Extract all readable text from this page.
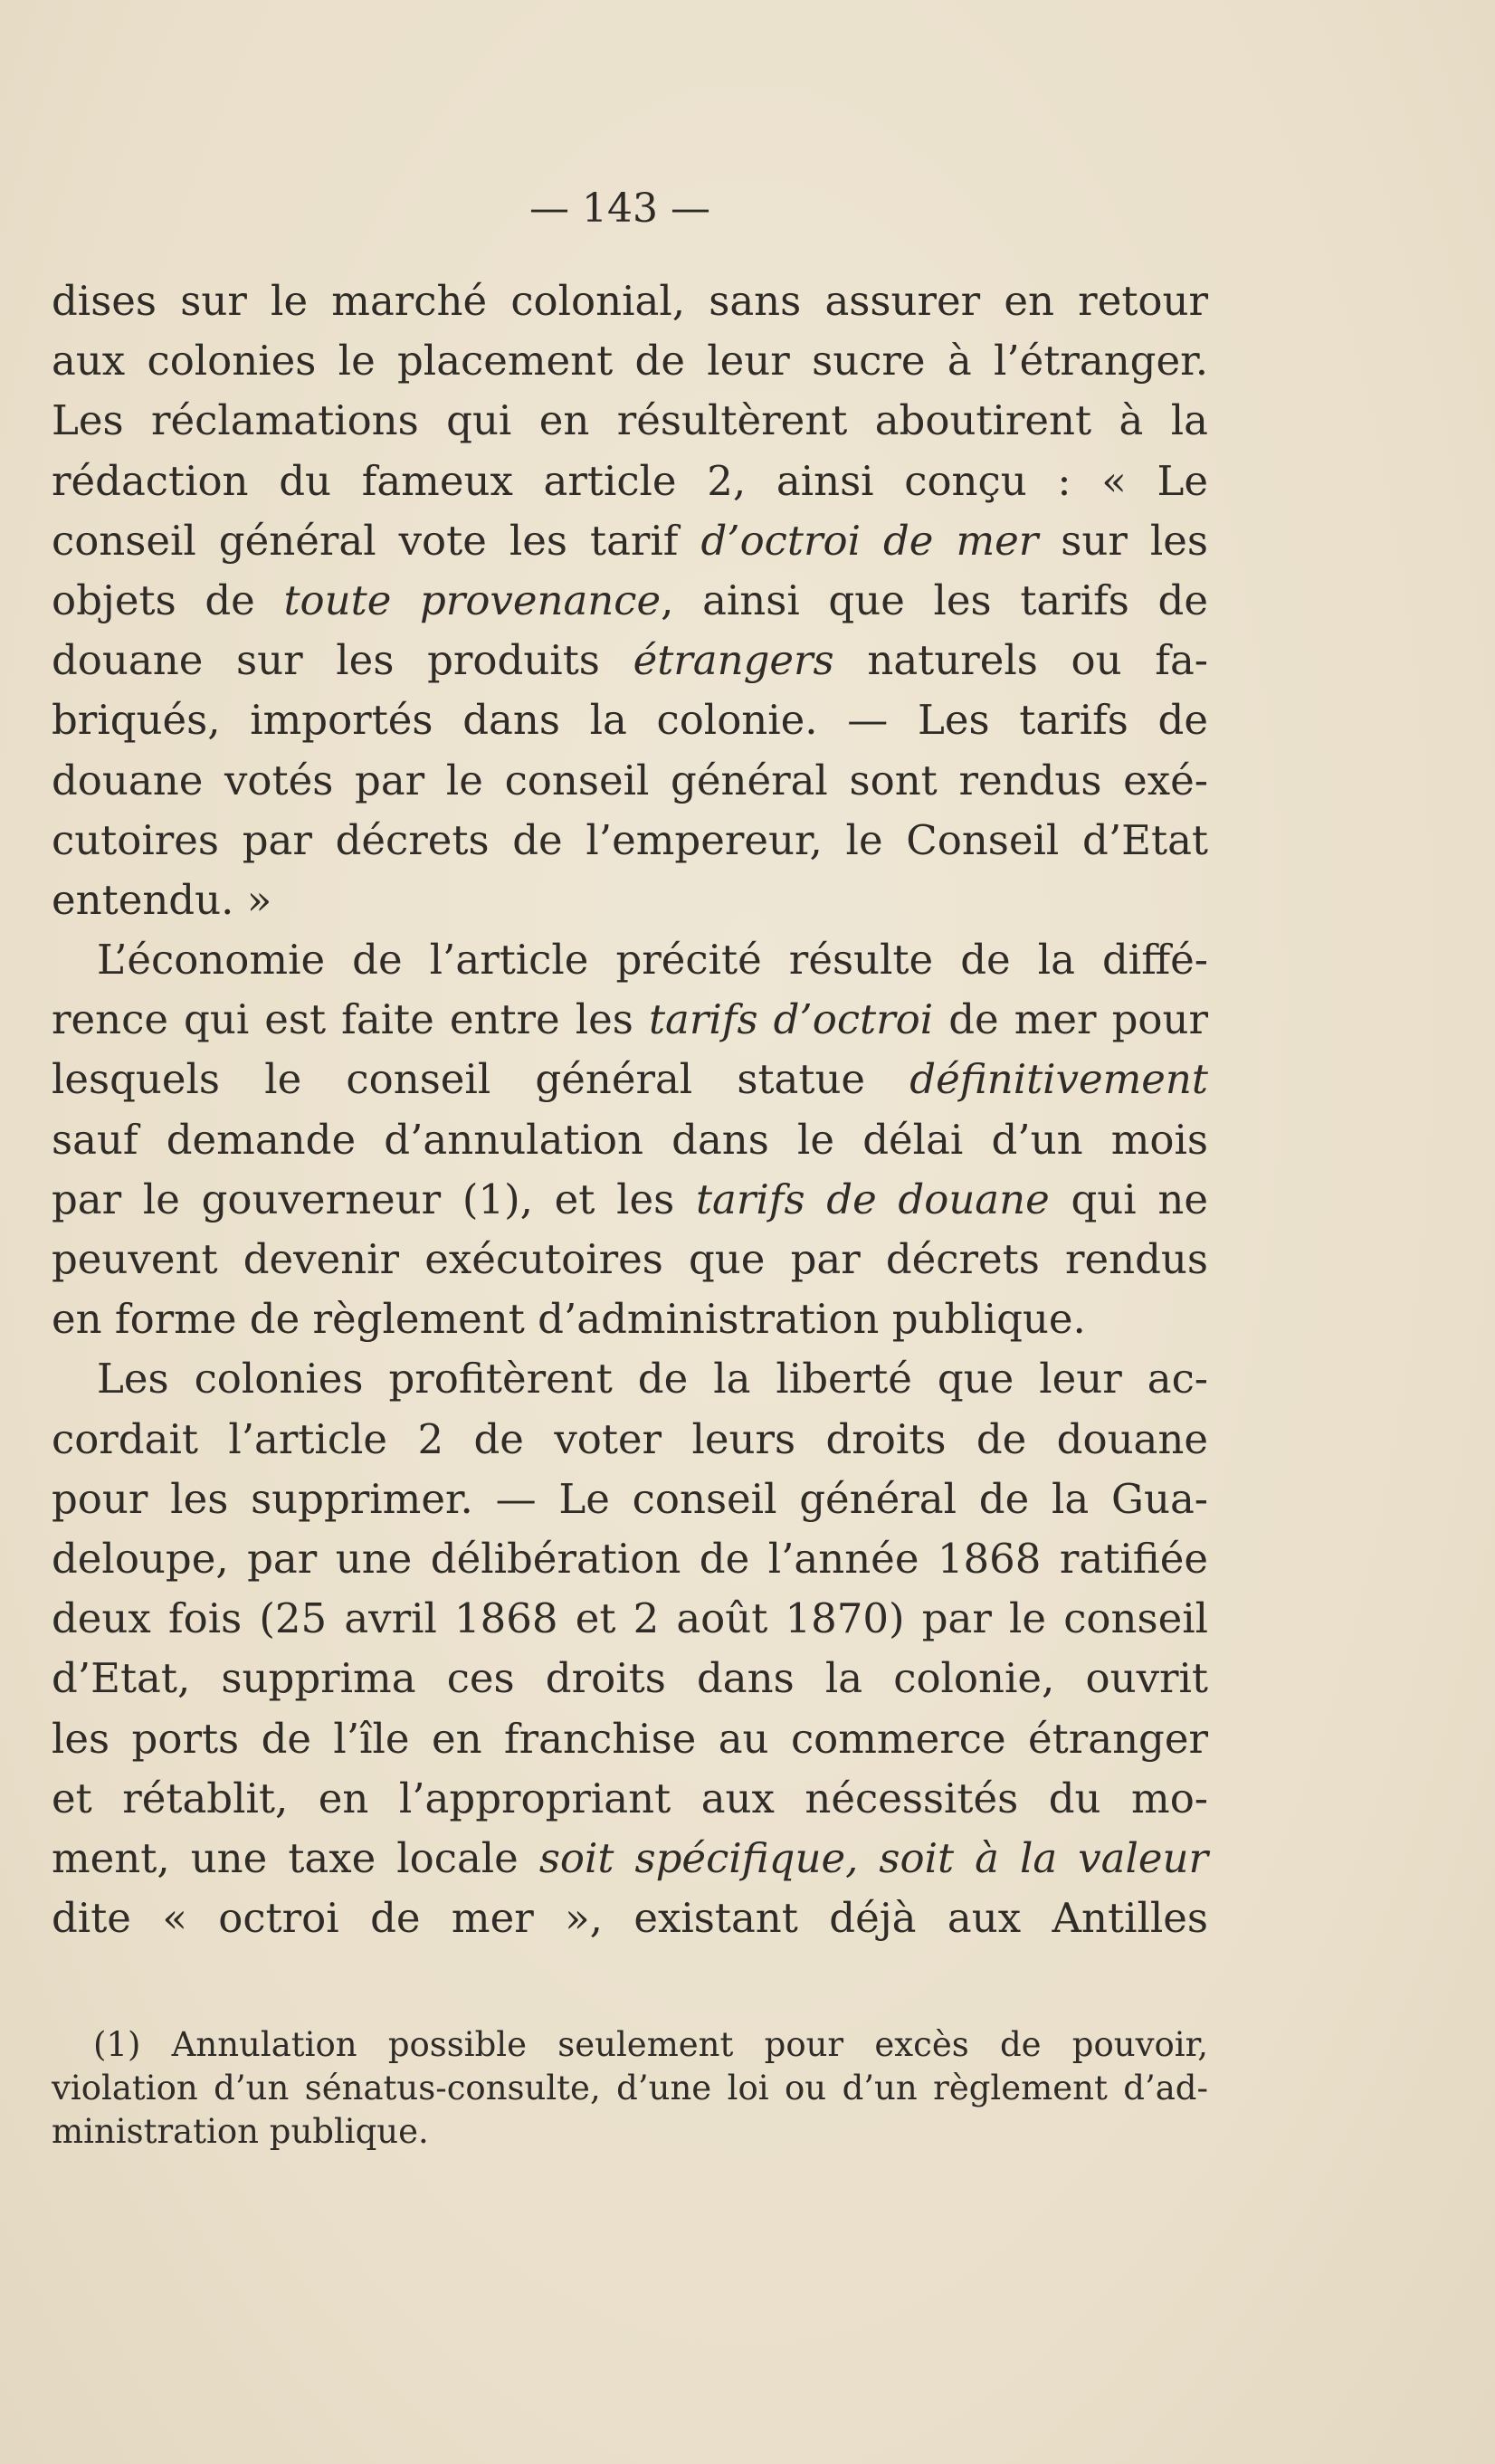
— 143 —
dises sur le marché colonial, sans assurer en retour
aux colonies le placement de leur sucre à l’étranger.
Les réclamations qui en résultèrent aboutirent à la
rédaction du fameux article 2, ainsi conçu : « Le
conseil général vote les tarif d’octroi de mer sur les
objets de toute provenance, ainsi que les tarifs de
douane sur les produits étrangers naturels ou fa-
briqués, importés dans la colonie. — Les tarifs de
douane votés par le conseil général sont rendus exé-
cutoires par décrets de l’empereur, le Conseil d’Etat
entendu. »
L’économie de l’article précité résulte de la diffé-
rence qui est faite entre les tarifs d’octroi de mer pour
lesquels le conseil général statue définitivement
sauf demande d’annulation dans le délai d’un mois
par le gouverneur (1), et les tarifs de douane qui ne
peuvent devenir exécutoires que par décrets rendus
en forme de règlement d’administration publique.
Les colonies profitèrent de la liberté que leur ac-
cordait l’article 2 de voter leurs droits de douane
pour les supprimer. — Le conseil général de la Gua-
deloupe, par une délibération de l’année 1868 ratifiée
deux fois (25 avril 1868 et 2 août 1870) par le conseil
d’Etat, supprima ces droits dans la colonie, ouvrit
les ports de l’île en franchise au commerce étranger
et rétablit, en l’appropriant aux nécessités du mo-
ment, une taxe locale soit spécifique, soit à la valeur
dite « octroi de mer », existant déjà aux Antilles
(1) Annulation possible seulement pour excès de pouvoir,
violation d’un sénatus-consulte, d’une loi ou d’un règlement d’ad-
ministration publique.
